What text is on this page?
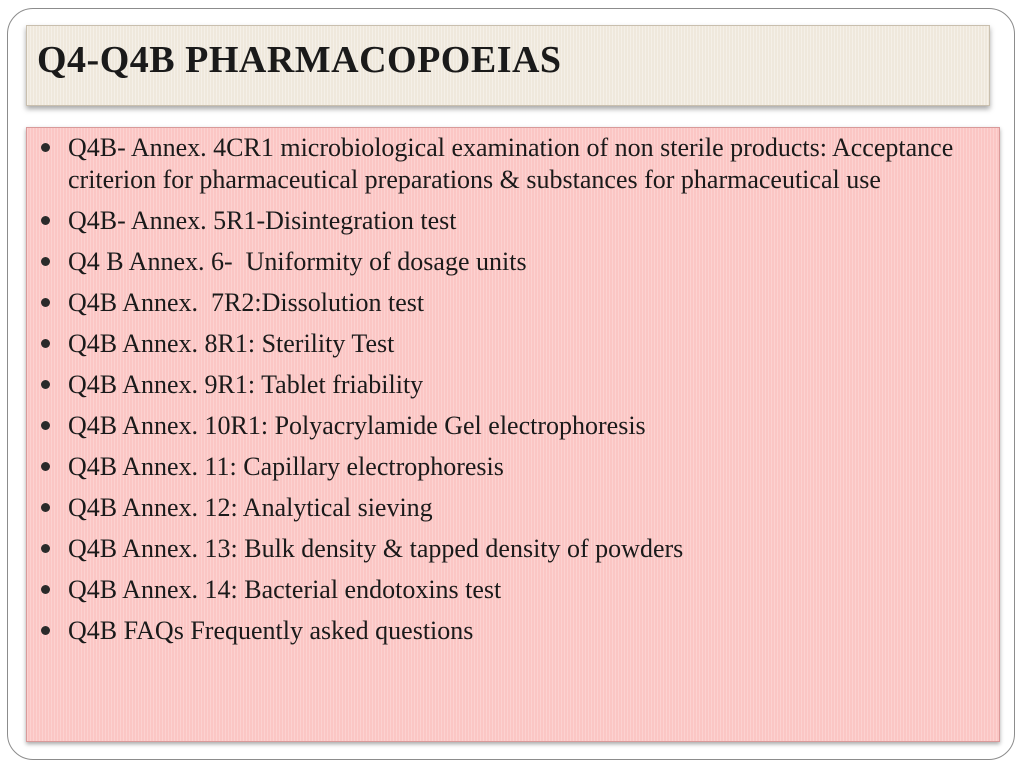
Q4-Q4B PHARMACOPOEIAS
Q4B- Annex. 4CR1 microbiological examination of non sterile products: Acceptance criterion for pharmaceutical preparations & substances for pharmaceutical use
Q4B- Annex. 5R1-Disintegration test
Q4 B Annex. 6-  Uniformity of dosage units
Q4B Annex.  7R2:Dissolution test
Q4B Annex. 8R1: Sterility Test
Q4B Annex. 9R1: Tablet friability
Q4B Annex. 10R1: Polyacrylamide Gel electrophoresis
Q4B Annex. 11: Capillary electrophoresis
Q4B Annex. 12: Analytical sieving
Q4B Annex. 13: Bulk density & tapped density of powders
Q4B Annex. 14: Bacterial endotoxins test
Q4B FAQs Frequently asked questions
